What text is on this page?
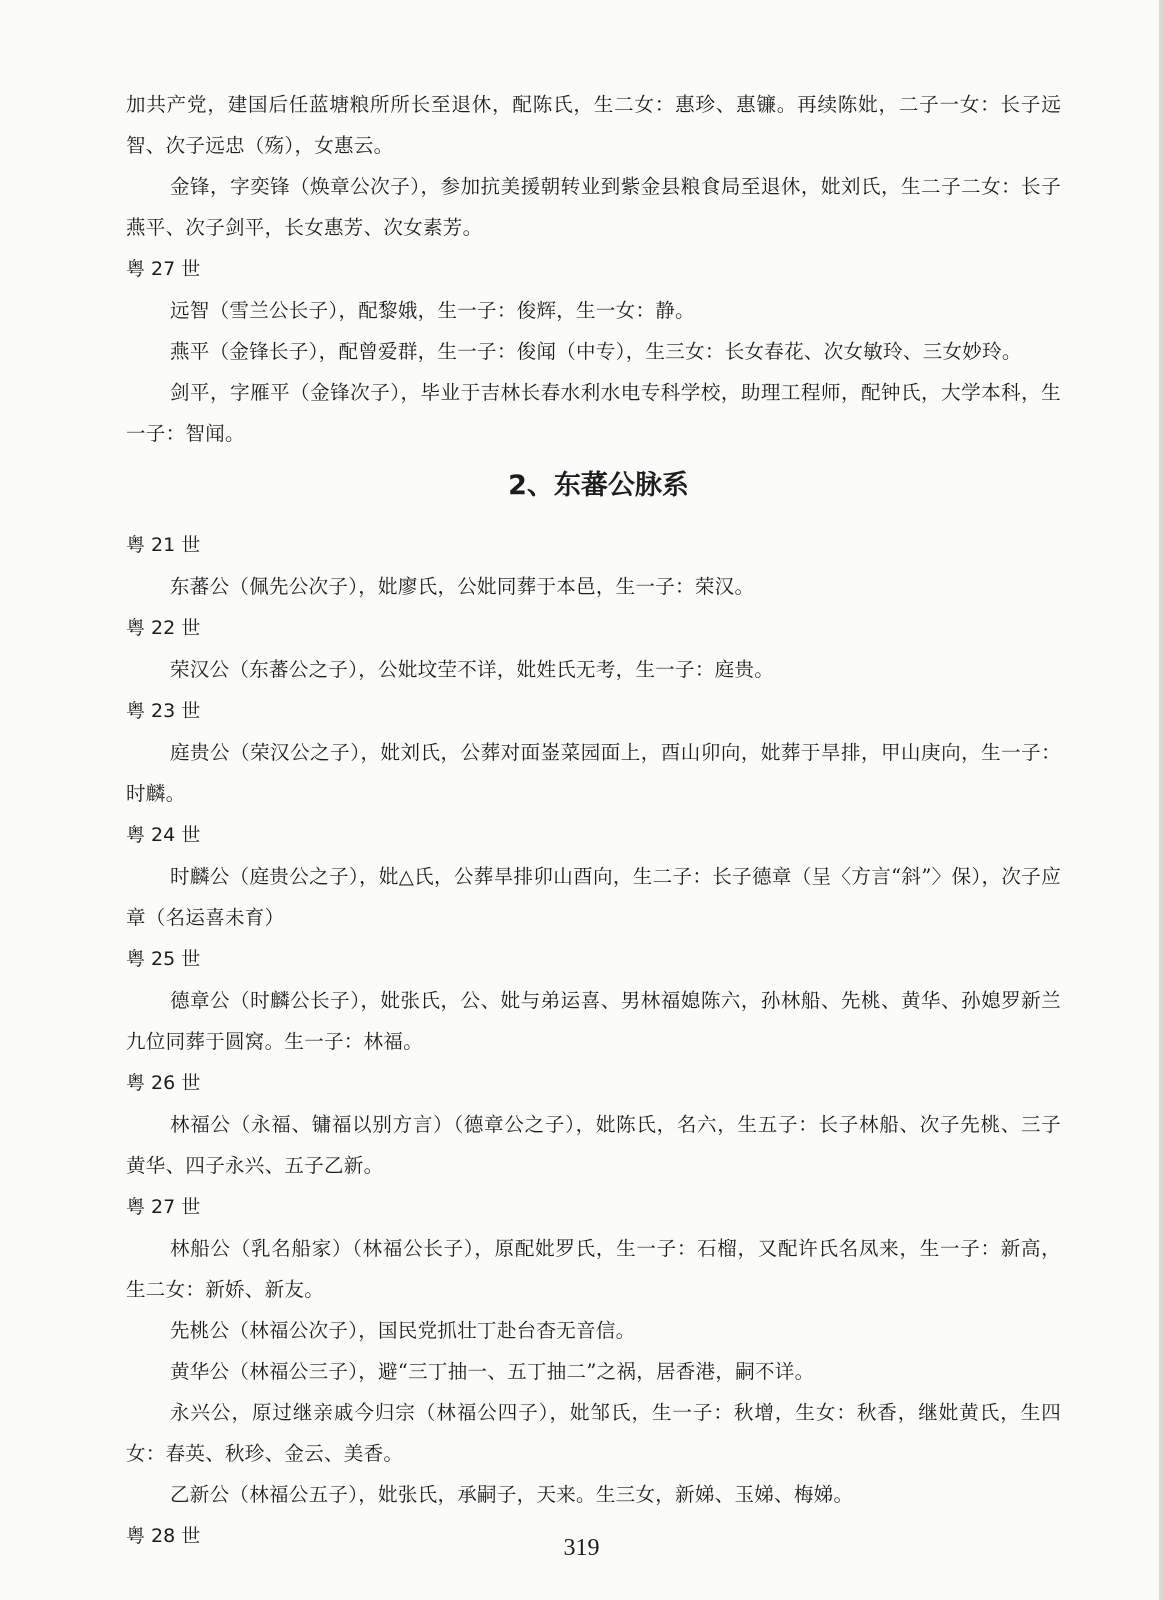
加共产党，建国后任蓝塘粮所所长至退休，配陈氏，生二女：惠珍、惠镰。再续陈妣，二子一女：长子远智、次子远忠（殇），女惠云。

金锋，字奕锋（焕章公次子），参加抗美援朝转业到紫金县粮食局至退休，妣刘氏，生二子二女：长子燕平、次子剑平，长女惠芳、次女素芳。

粤 27 世

远智（雪兰公长子），配黎娥，生一子：俊辉，生一女：静。

燕平（金锋长子），配曾爱群，生一子：俊闻（中专），生三女：长女春花、次女敏玲、三女妙玲。

剑平，字雁平（金锋次子），毕业于吉林长春水利水电专科学校，助理工程师，配钟氏，大学本科，生一子：智闻。

2、东蕃公脉系

粤 21 世

东蕃公（佩先公次子），妣廖氏，公妣同葬于本邑，生一子：荣汉。

粤 22 世

荣汉公（东蕃公之子），公妣坟茔不详，妣姓氏无考，生一子：庭贵。

粤 23 世

庭贵公（荣汉公之子），妣刘氏，公葬对面崟菜园面上，酉山卯向，妣葬于旱排，甲山庚向，生一子：时麟。

粤 24 世

时麟公（庭贵公之子），妣△氏，公葬旱排卯山酉向，生二子：长子德章（呈〈方言“斜”〉保），次子应章（名运喜未育）

粤 25 世

德章公（时麟公长子），妣张氏，公、妣与弟运喜、男林福媳陈六，孙林船、先桃、黄华、孙媳罗新兰九位同葬于圆窝。生一子：林福。

粤 26 世

林福公（永福、镛福以别方言）（德章公之子），妣陈氏，名六，生五子：长子林船、次子先桃、三子黄华、四子永兴、五子乙新。

粤 27 世

林船公（乳名船家）（林福公长子），原配妣罗氏，生一子：石榴，又配许氏名凤来，生一子：新高，生二女：新娇、新友。

先桃公（林福公次子），国民党抓壮丁赴台杳无音信。

黄华公（林福公三子），避“三丁抽一、五丁抽二”之祸，居香港，嗣不详。

永兴公，原过继亲戚今归宗（林福公四子），妣邹氏，生一子：秋增，生女：秋香，继妣黄氏，生四女：春英、秋珍、金云、美香。

乙新公（林福公五子），妣张氏，承嗣子，天来。生三女，新娣、玉娣、梅娣。

粤 28 世	319
